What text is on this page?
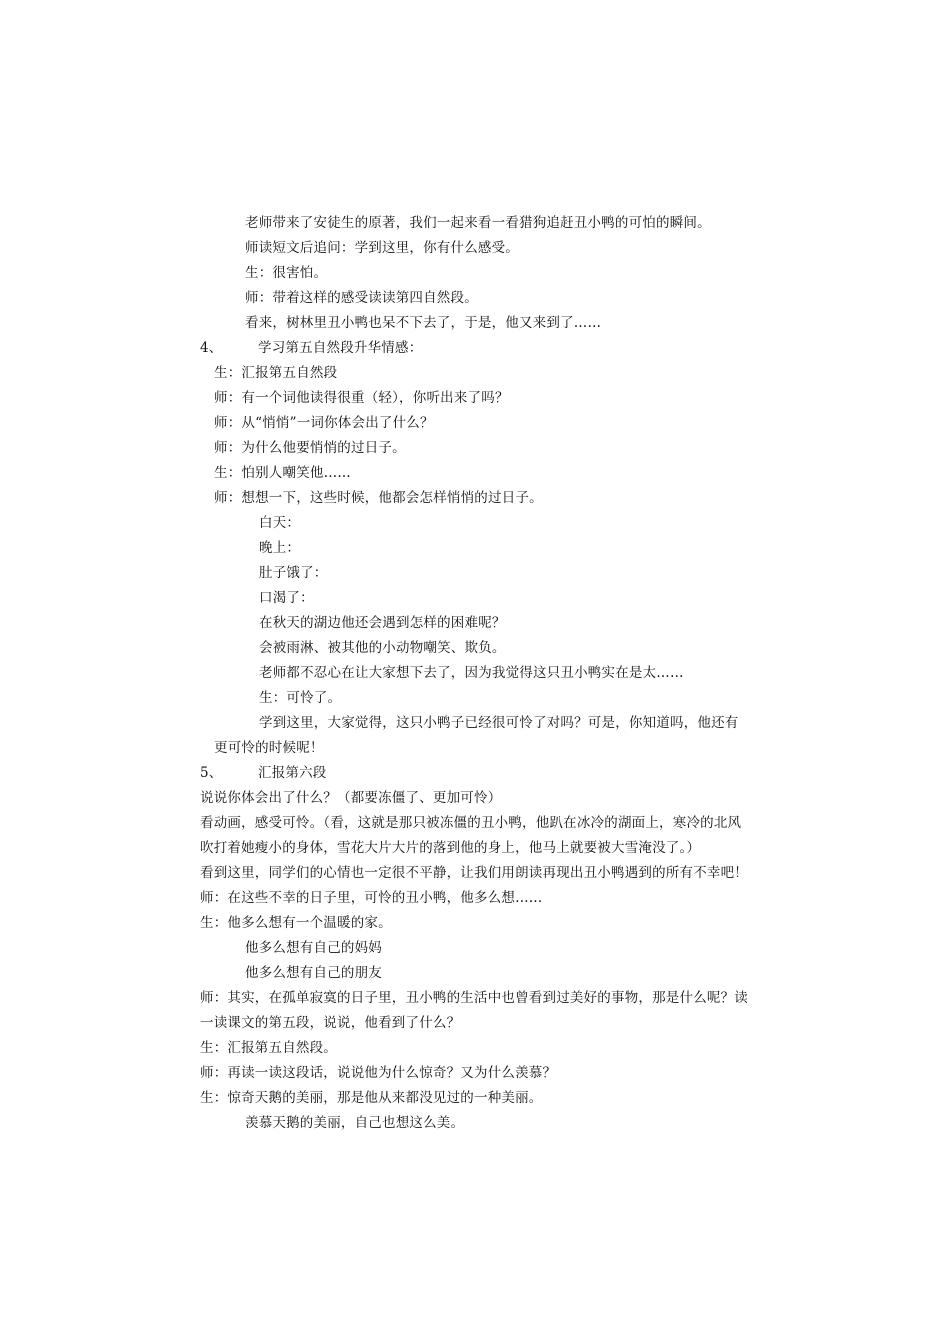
老师带来了安徒生的原著，我们一起来看一看猎狗追赶丑小鸭的可怕的瞬间。
师读短文后追问：学到这里，你有什么感受。
生：很害怕。
师：带着这样的感受读读第四自然段。
看来，树林里丑小鸭也呆不下去了，于是，他又来到了……
4、	学习第五自然段升华情感：
生：汇报第五自然段
师：有一个词他读得很重（轻），你听出来了吗？
师：从“悄悄”一词你体会出了什么？
师：为什么他要悄悄的过日子。
生：怕别人嘲笑他……
师：想想一下，这些时候，他都会怎样悄悄的过日子。
白天：
晚上：
肚子饿了：
口渴了：
在秋天的湖边他还会遇到怎样的困难呢？
会被雨淋、被其他的小动物嘲笑、欺负。
老师都不忍心在让大家想下去了，因为我觉得这只丑小鸭实在是太……
生：可怜了。
学到这里，大家觉得，这只小鸭子已经很可怜了对吗？可是，你知道吗，他还有
更可怜的时候呢！
5、	汇报第六段
说说你体会出了什么？（都要冻僵了、更加可怜）
看动画，感受可怜。（看，这就是那只被冻僵的丑小鸭，他趴在冰冷的湖面上，寒冷的北风
吹打着她瘦小的身体，雪花大片大片的落到他的身上，他马上就要被大雪淹没了。）
看到这里，同学们的心情也一定很不平静，让我们用朗读再现出丑小鸭遇到的所有不幸吧！
师：在这些不幸的日子里，可怜的丑小鸭，他多么想……
生：他多么想有一个温暖的家。
他多么想有自己的妈妈
他多么想有自己的朋友
师：其实，在孤单寂寞的日子里，丑小鸭的生活中也曾看到过美好的事物，那是什么呢？读
一读课文的第五段，说说，他看到了什么？
生：汇报第五自然段。
师：再读一读这段话，说说他为什么惊奇？又为什么羡慕？
生：惊奇天鹅的美丽，那是他从来都没见过的一种美丽。
羡慕天鹅的美丽，自己也想这么美。
